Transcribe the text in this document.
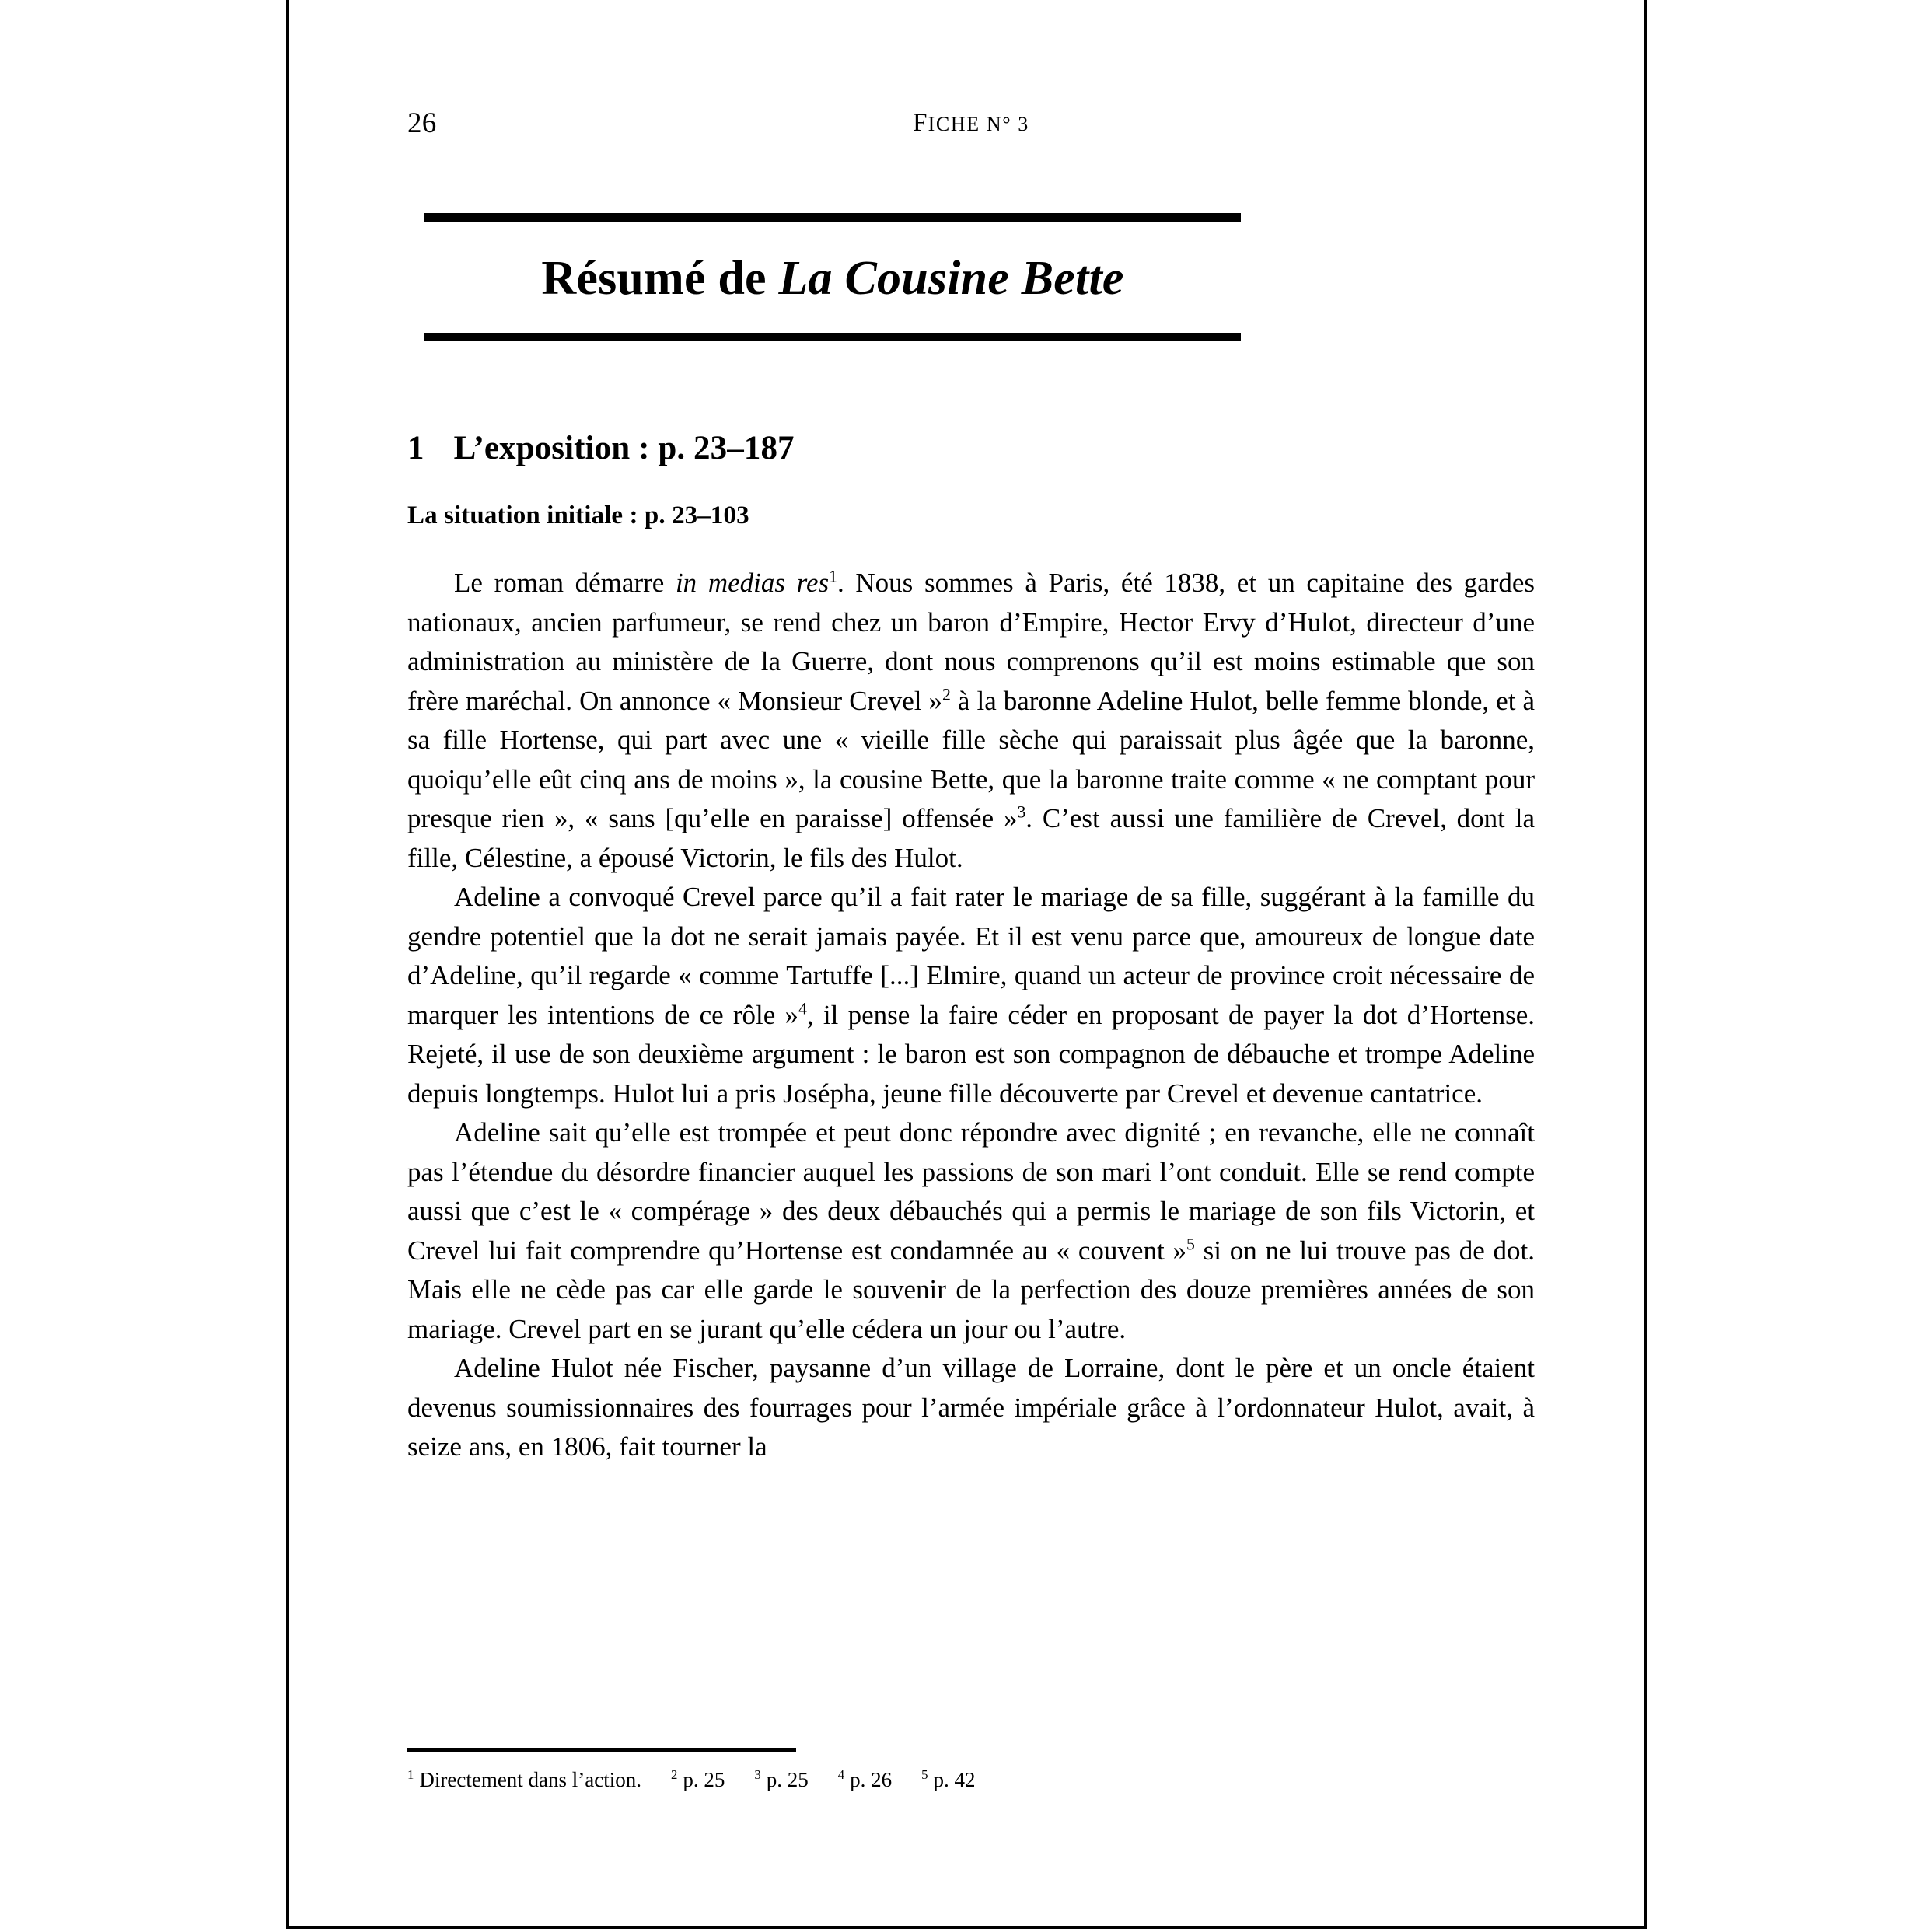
26	FICHE N° 3
Résumé de La Cousine Bette
1 L’exposition : p. 23–187
La situation initiale : p. 23–103

Le roman démarre in medias res$^1$. Nous sommes à Paris, été 1838, et un capitaine des gardes nationaux, ancien parfumeur, se rend chez un baron d’Empire, Hector Ervy d’Hulot, directeur d’une administration au ministère de la Guerre, dont nous comprenons qu’il est moins estimable que son frère maréchal. On annonce « Monsieur Crevel »$^2$ à la baronne Adeline Hulot, belle femme blonde, et à sa fille Hortense, qui part avec une « vieille fille sèche qui paraissait plus âgée que la baronne, quoiqu’elle eût cinq ans de moins », la cousine Bette, que la baronne traite comme « ne comptant pour presque rien », « sans [qu’elle en paraisse] offensée »$^3$. C’est aussi une familière de Crevel, dont la fille, Célestine, a épousé Victorin, le fils des Hulot.

Adeline a convoqué Crevel parce qu’il a fait rater le mariage de sa fille, suggérant à la famille du gendre potentiel que la dot ne serait jamais payée. Et il est venu parce que, amoureux de longue date d’Adeline, qu’il regarde « comme Tartuffe [...] Elmire, quand un acteur de province croit nécessaire de marquer les intentions de ce rôle »$^4$, il pense la faire céder en proposant de payer la dot d’Hortense. Rejeté, il use de son deuxième argument : le baron est son compagnon de débauche et trompe Adeline depuis longtemps. Hulot lui a pris Josépha, jeune fille découverte par Crevel et devenue cantatrice.

Adeline sait qu’elle est trompée et peut donc répondre avec dignité ; en revanche, elle ne connaît pas l’étendue du désordre financier auquel les passions de son mari l’ont conduit. Elle se rend compte aussi que c’est le « compérage » des deux débauchés qui a permis le mariage de son fils Victorin, et Crevel lui fait comprendre qu’Hortense est condamnée au « couvent »$^5$ si on ne lui trouve pas de dot. Mais elle ne cède pas car elle garde le souvenir de la perfection des douze premières années de son mariage. Crevel part en se jurant qu’elle cédera un jour ou l’autre.

Adeline Hulot née Fischer, paysanne d’un village de Lorraine, dont le père et un oncle étaient devenus soumissionnaires des fourrages pour l’armée impériale grâce à l’ordonnateur Hulot, avait, à seize ans, en 1806, fait tourner la

$^1$ Directement dans l’action. $^2$ p. 25 $^3$ p. 25 $^4$ p. 26 $^5$ p. 42
